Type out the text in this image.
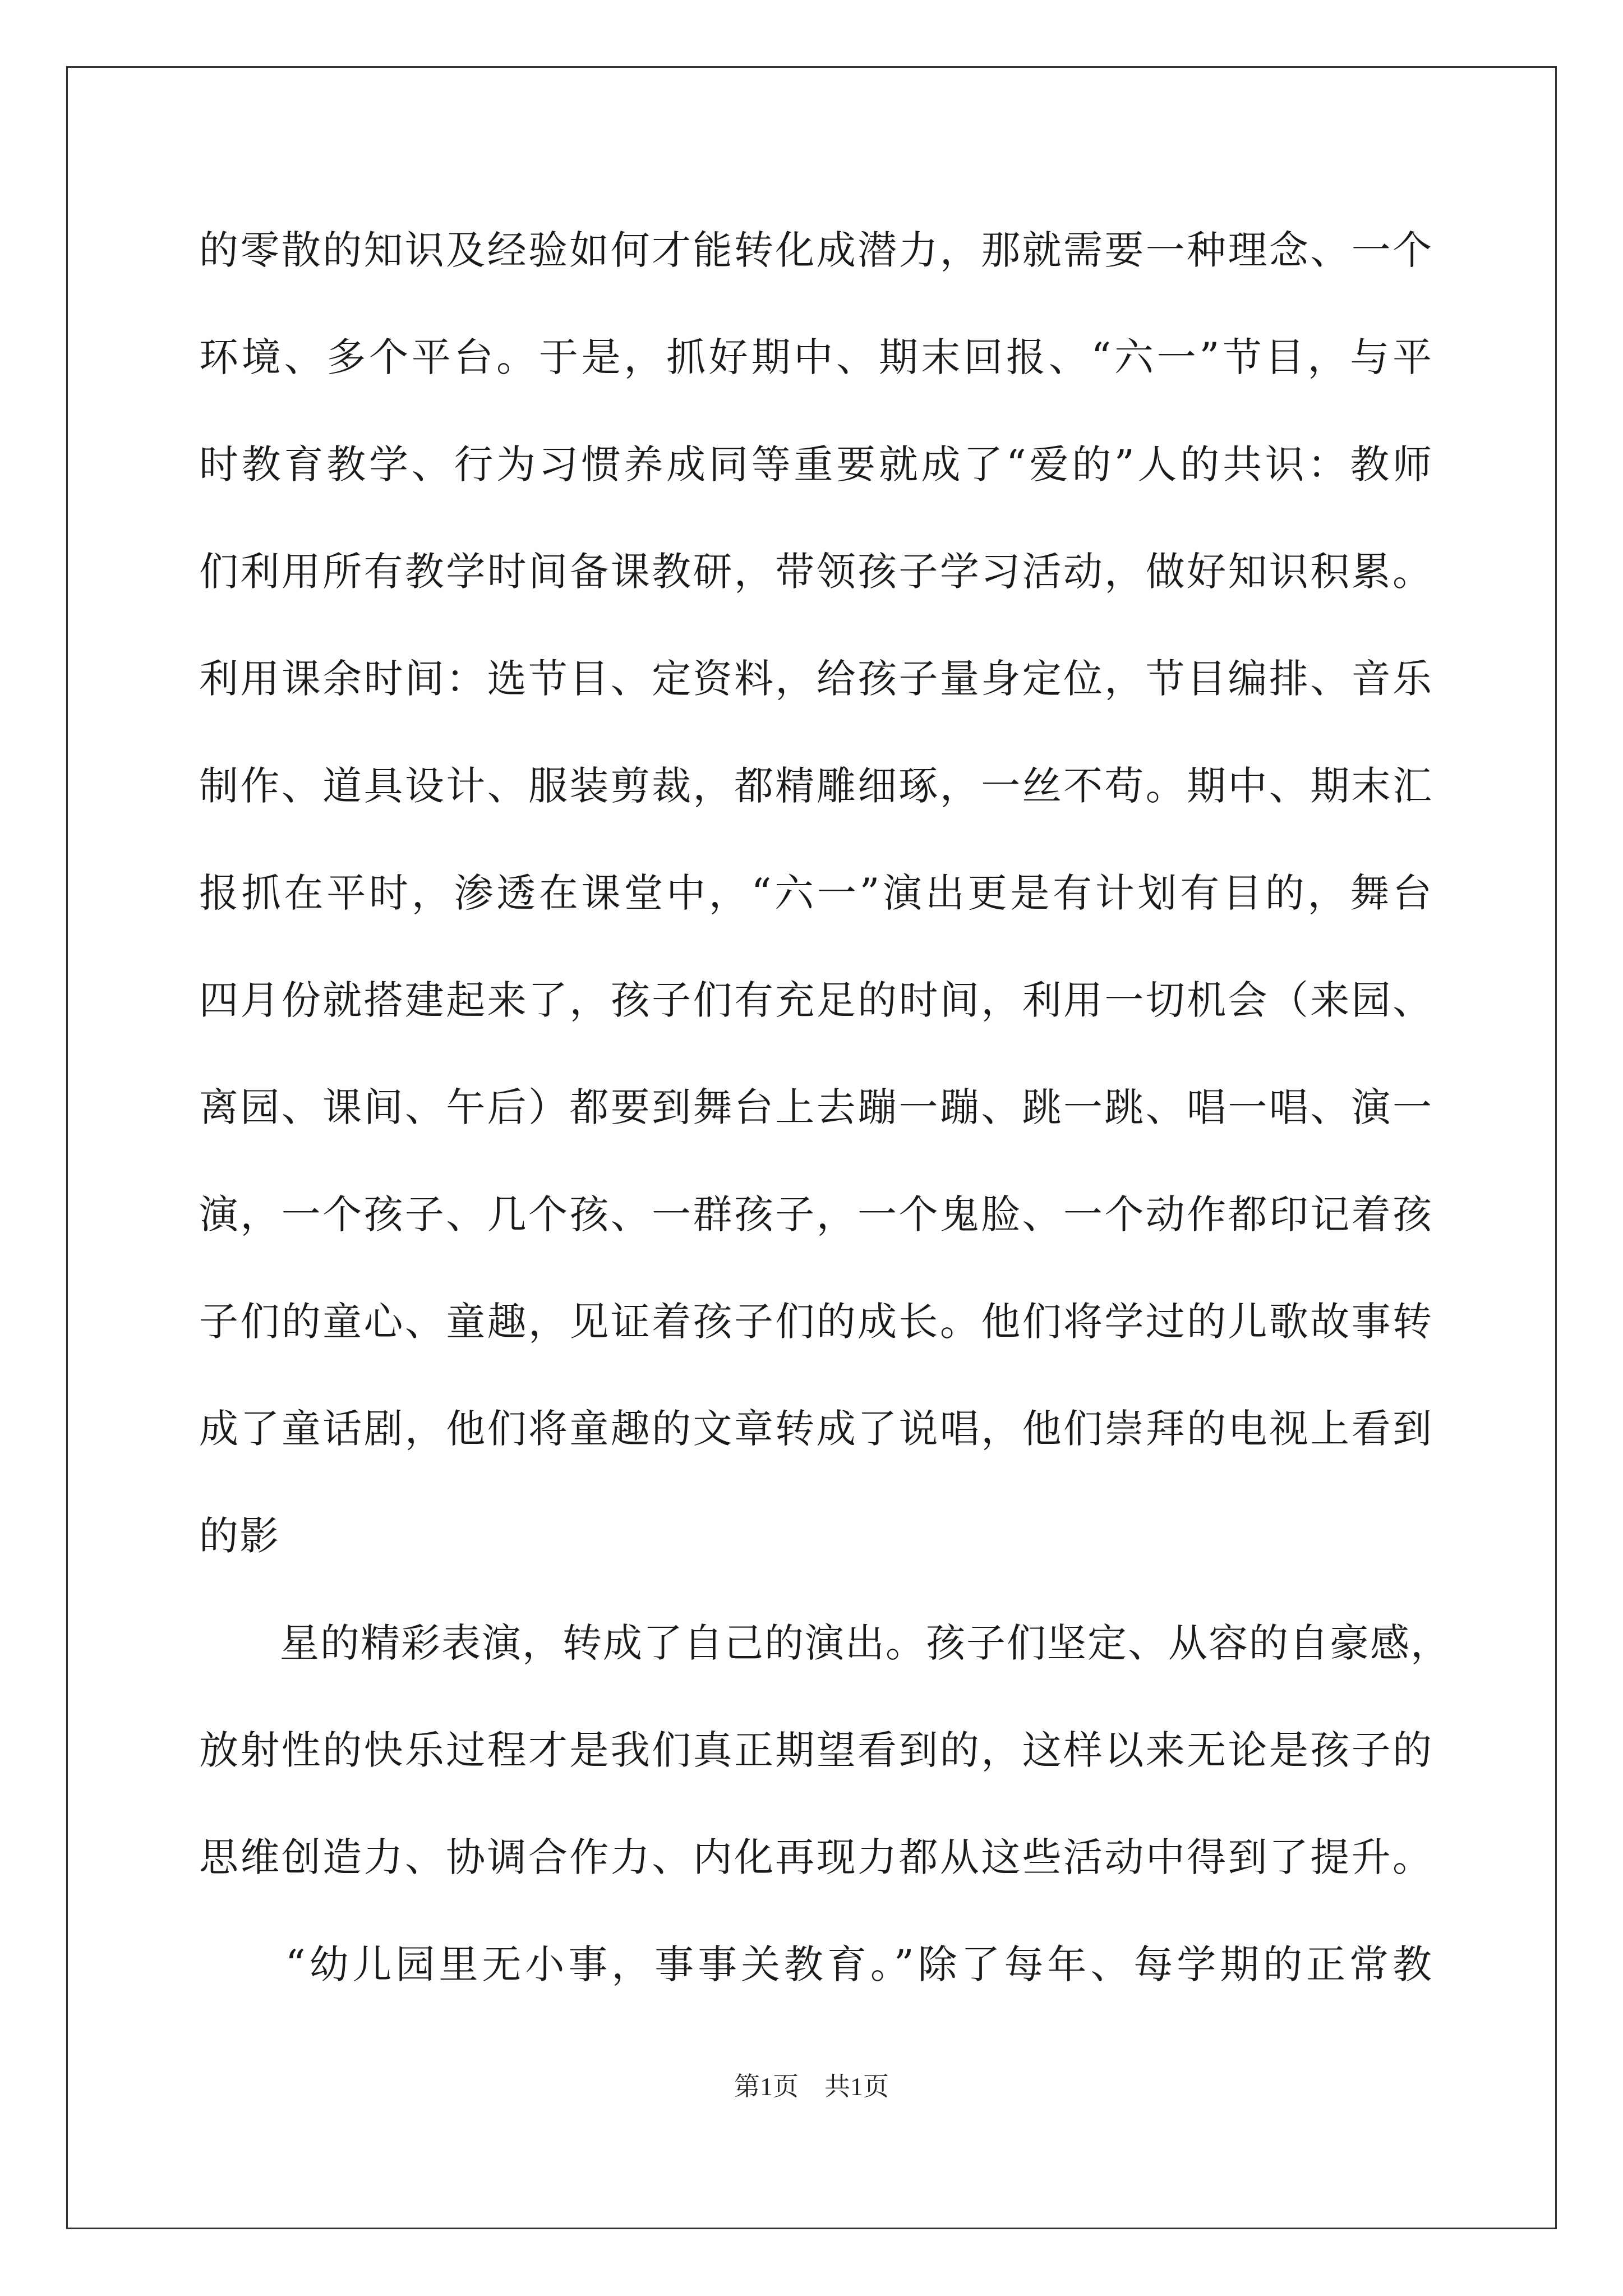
的零散的知识及经验如何才能转化成潜力，那就需要一种理念、一个
环境、多个平台。于是，抓好期中、期末回报、“六一”节目，与平
时教育教学、行为习惯养成同等重要就成了“爱的”人的共识：教师
们利用所有教学时间备课教研，带领孩子学习活动，做好知识积累。
利用课余时间：选节目、定资料，给孩子量身定位，节目编排、音乐
制作、道具设计、服装剪裁，都精雕细琢，一丝不苟。期中、期末汇
报抓在平时，渗透在课堂中，“六一”演出更是有计划有目的，舞台
四月份就搭建起来了，孩子们有充足的时间，利用一切机会（来园、
离园、课间、午后）都要到舞台上去蹦一蹦、跳一跳、唱一唱、演一
演，一个孩子、几个孩、一群孩子，一个鬼脸、一个动作都印记着孩
子们的童心、童趣，见证着孩子们的成长。他们将学过的儿歌故事转
成了童话剧，他们将童趣的文章转成了说唱，他们崇拜的电视上看到
的影
　　星的精彩表演，转成了自己的演出。孩子们坚定、从容的自豪感，
放射性的快乐过程才是我们真正期望看到的，这样以来无论是孩子的
思维创造力、协调合作力、内化再现力都从这些活动中得到了提升。
　　“幼儿园里无小事，事事关教育。”除了每年、每学期的正常教
第1页　共1页
